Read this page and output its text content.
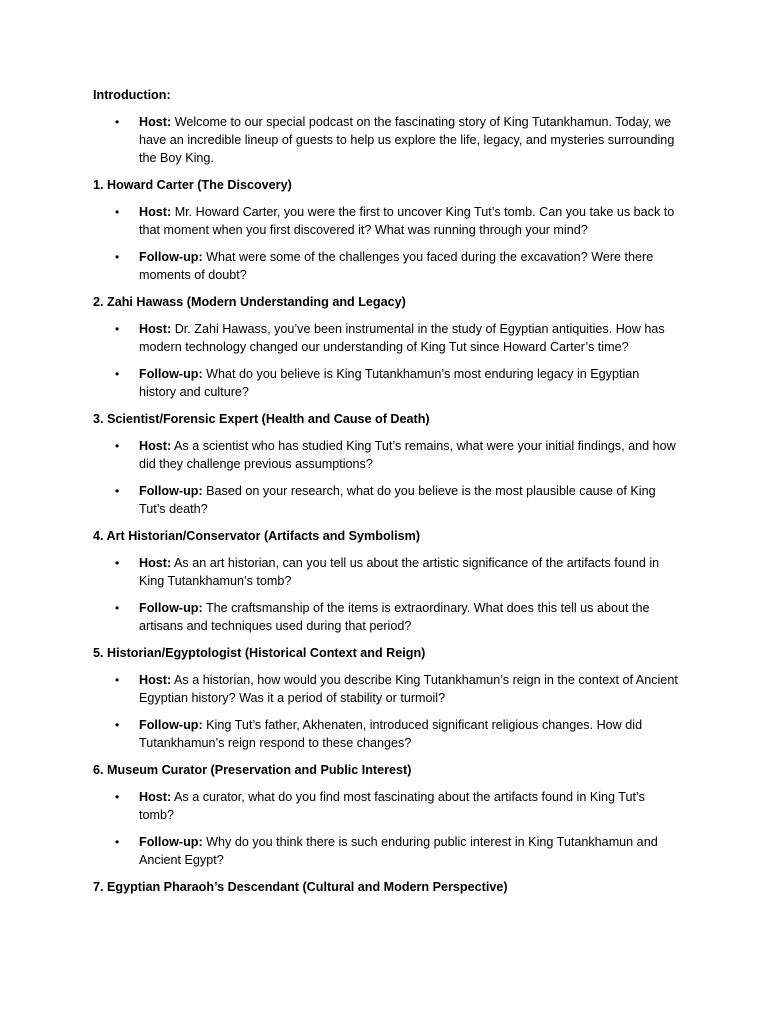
Introduction:
• Host: Welcome to our special podcast on the fascinating story of King Tutankhamun. Today, we have an incredible lineup of guests to help us explore the life, legacy, and mysteries surrounding the Boy King.
1. Howard Carter (The Discovery)
• Host: Mr. Howard Carter, you were the first to uncover King Tut’s tomb. Can you take us back to that moment when you first discovered it? What was running through your mind?
• Follow-up: What were some of the challenges you faced during the excavation? Were there moments of doubt?
2. Zahi Hawass (Modern Understanding and Legacy)
• Host: Dr. Zahi Hawass, you’ve been instrumental in the study of Egyptian antiquities. How has modern technology changed our understanding of King Tut since Howard Carter’s time?
• Follow-up: What do you believe is King Tutankhamun’s most enduring legacy in Egyptian history and culture?
3. Scientist/Forensic Expert (Health and Cause of Death)
• Host: As a scientist who has studied King Tut’s remains, what were your initial findings, and how did they challenge previous assumptions?
• Follow-up: Based on your research, what do you believe is the most plausible cause of King Tut’s death?
4. Art Historian/Conservator (Artifacts and Symbolism)
• Host: As an art historian, can you tell us about the artistic significance of the artifacts found in King Tutankhamun’s tomb?
• Follow-up: The craftsmanship of the items is extraordinary. What does this tell us about the artisans and techniques used during that period?
5. Historian/Egyptologist (Historical Context and Reign)
• Host: As a historian, how would you describe King Tutankhamun’s reign in the context of Ancient Egyptian history? Was it a period of stability or turmoil?
• Follow-up: King Tut’s father, Akhenaten, introduced significant religious changes. How did Tutankhamun’s reign respond to these changes?
6. Museum Curator (Preservation and Public Interest)
• Host: As a curator, what do you find most fascinating about the artifacts found in King Tut’s tomb?
• Follow-up: Why do you think there is such enduring public interest in King Tutankhamun and Ancient Egypt?
7. Egyptian Pharaoh’s Descendant (Cultural and Modern Perspective)
